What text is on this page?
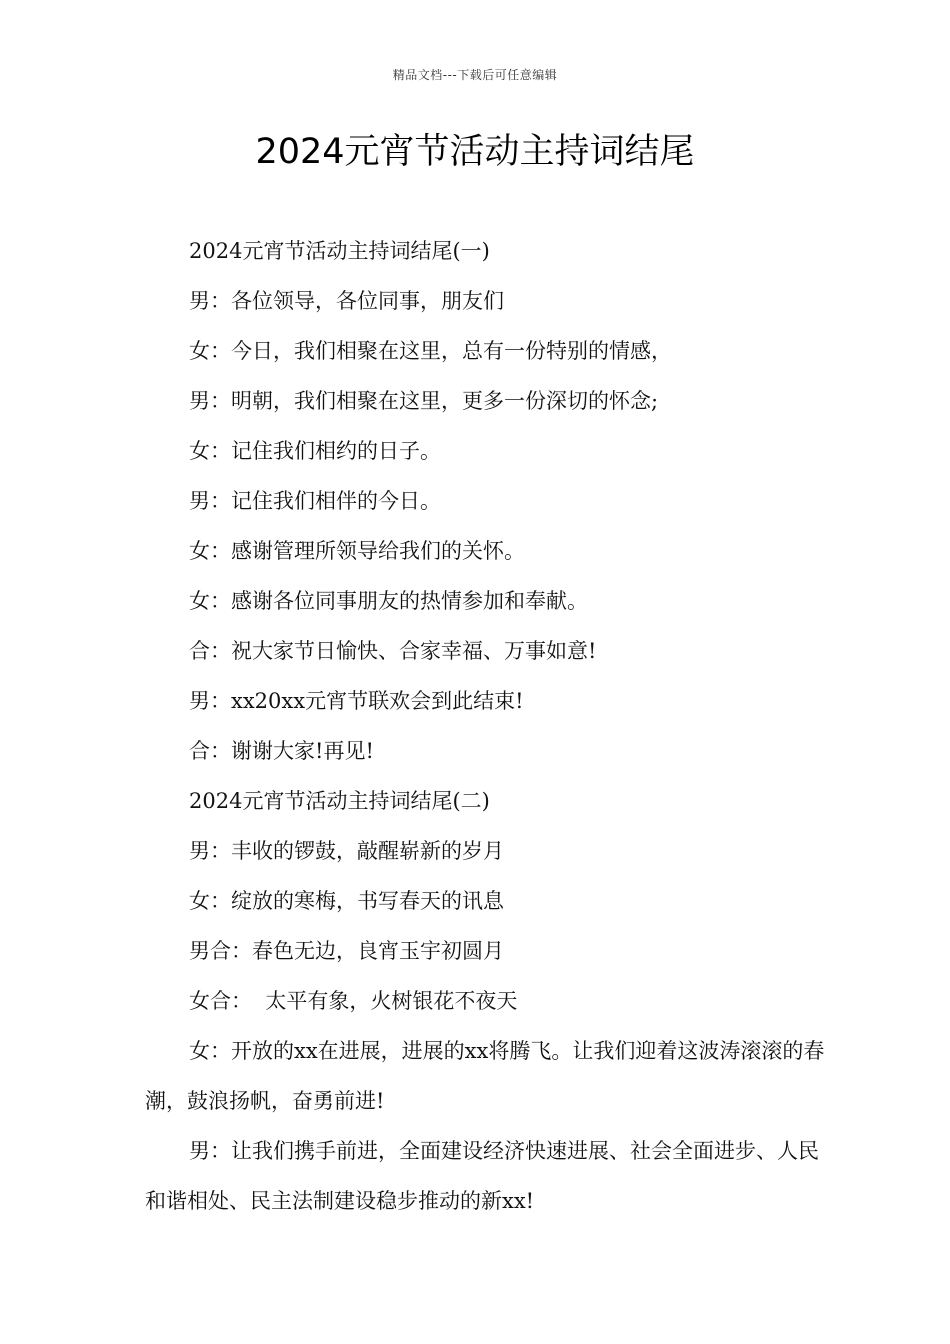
精品文档---下载后可任意编辑
2024元宵节活动主持词结尾

2024元宵节活动主持词结尾(一)

男：各位领导，各位同事，朋友们

女：今日，我们相聚在这里，总有一份特别的情感，

男：明朝，我们相聚在这里，更多一份深切的怀念;

女：记住我们相约的日子。

男：记住我们相伴的今日。

女：感谢管理所领导给我们的关怀。

女：感谢各位同事朋友的热情参加和奉献。

合：祝大家节日愉快、合家幸福、万事如意!

男：xx20xx元宵节联欢会到此结束!

合：谢谢大家!再见!

2024元宵节活动主持词结尾(二)

男：丰收的锣鼓，敲醒崭新的岁月

女：绽放的寒梅，书写春天的讯息

男合：春色无边，良宵玉宇初圆月

女合：  太平有象，火树银花不夜天

女：开放的xx在进展，进展的xx将腾飞。让我们迎着这波涛滚滚的春潮，鼓浪扬帆，奋勇前进!

男：让我们携手前进，全面建设经济快速进展、社会全面进步、人民和谐相处、民主法制建设稳步推动的新xx!
